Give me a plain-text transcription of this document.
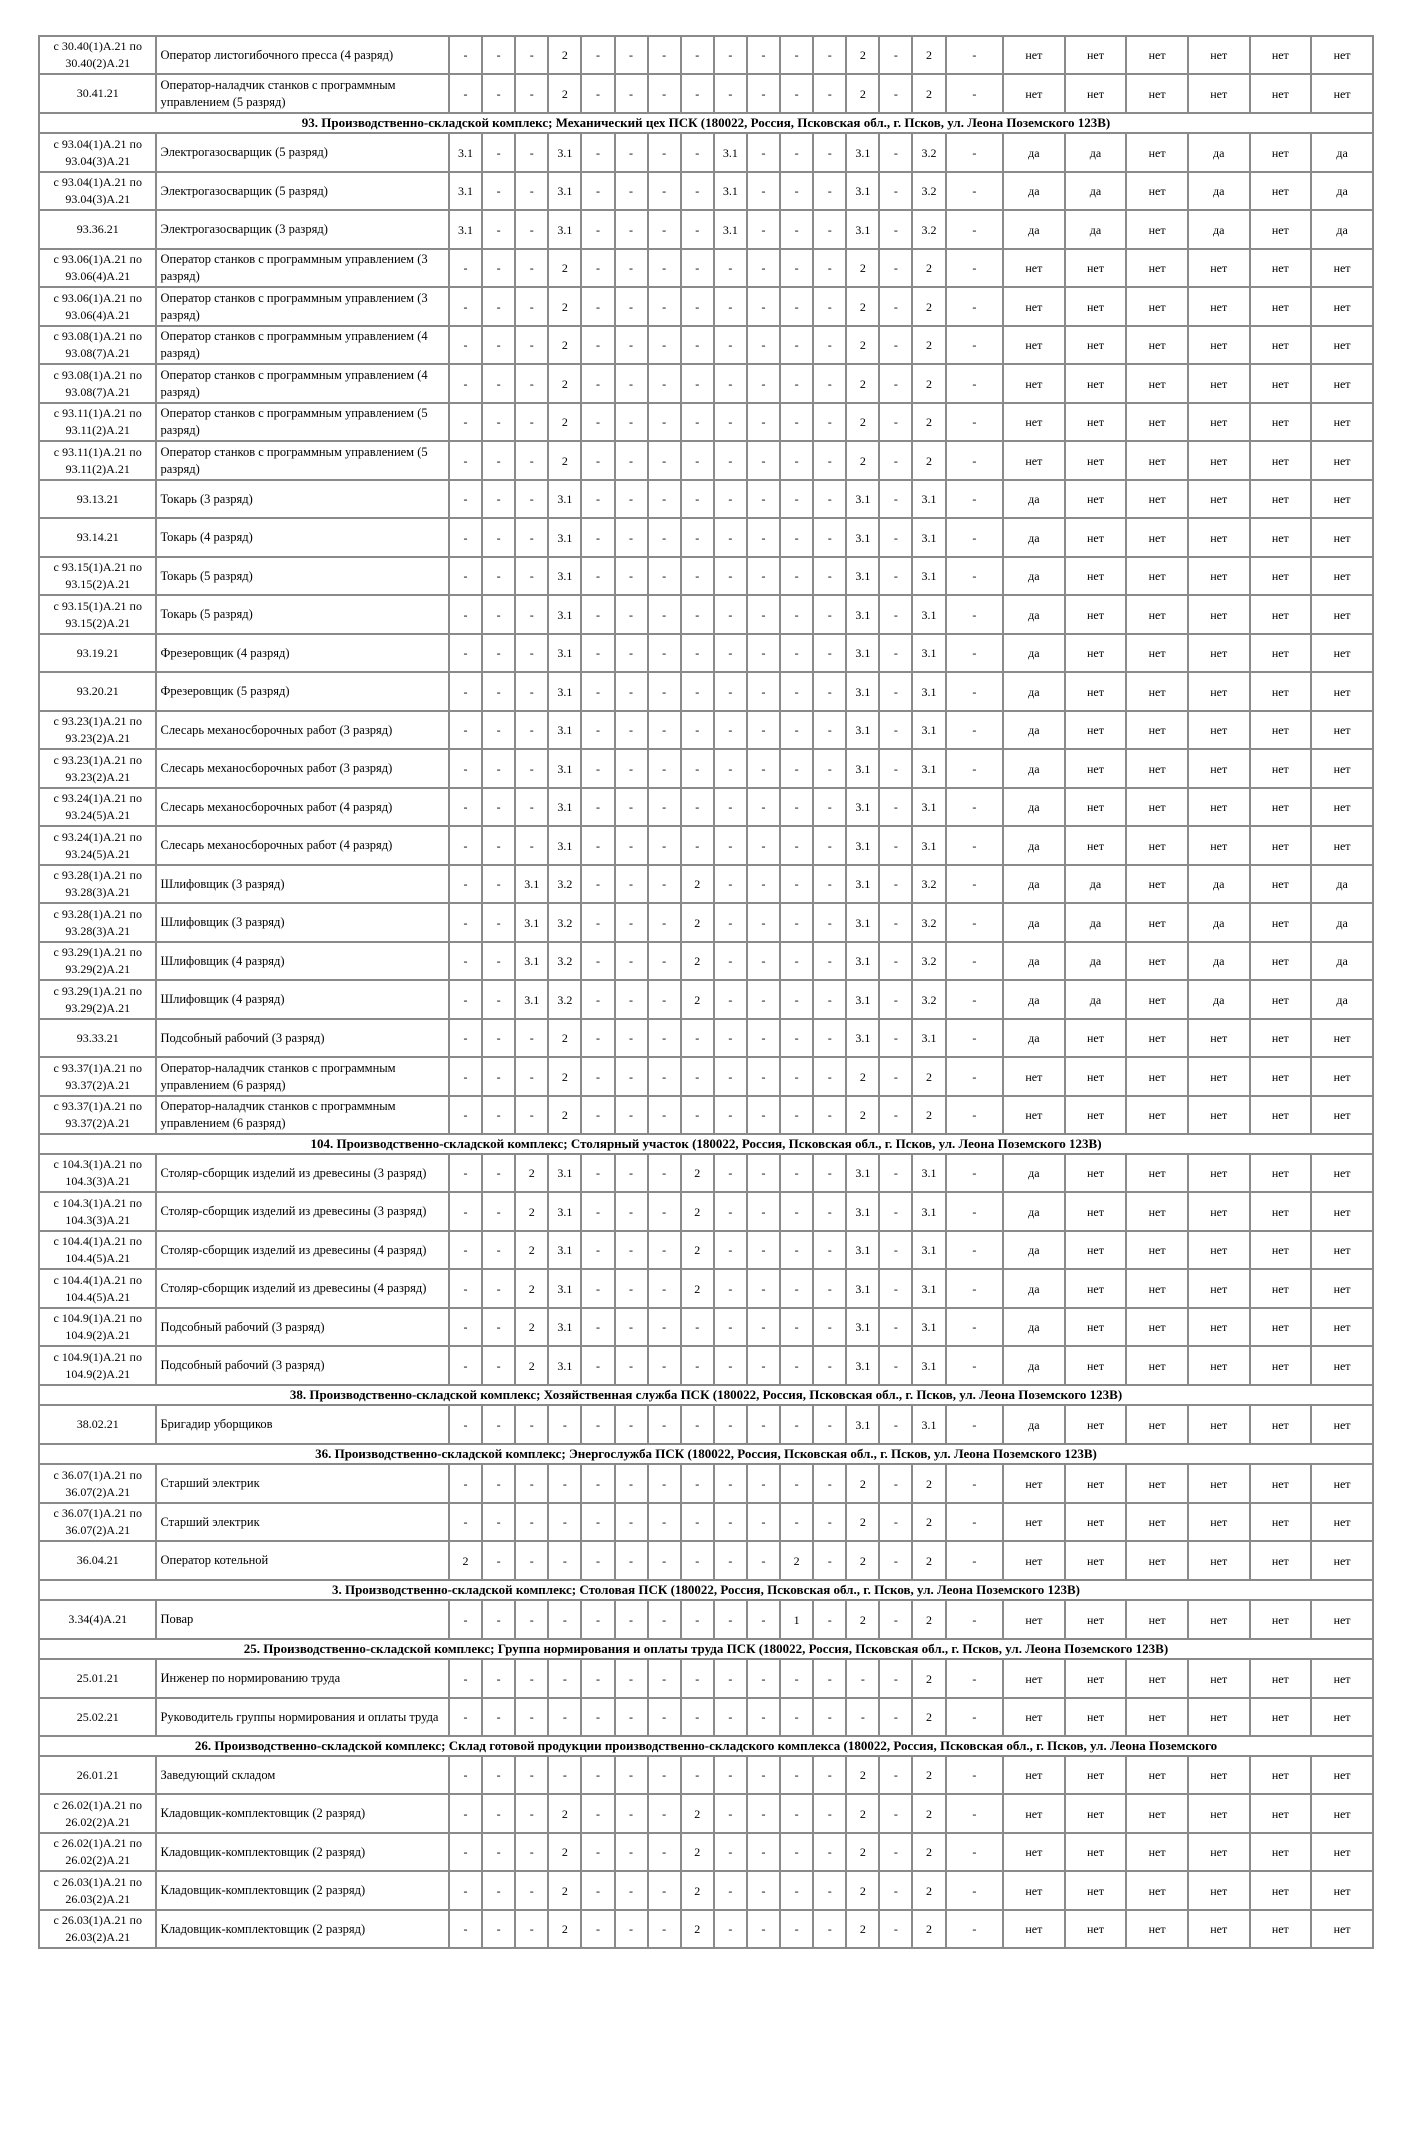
с 30.40(1)А.21 по 30.40(2)А.21	Оператор листогибочного пресса (4 разряд)	-	-	-	2	-	-	-	-	-	-	-	-	2	-	2	-	нет	нет	нет	нет	нет	нет
30.41.21	Оператор-наладчик станков с программным управлением (5 разряд)	-	-	-	2	-	-	-	-	-	-	-	-	2	-	2	-	нет	нет	нет	нет	нет	нет
93. Производственно-складской комплекс; Механический цех ПСК (180022, Россия, Псковская обл., г. Псков, ул. Леона Поземского 123В)																							
с 93.04(1)А.21 по 93.04(3)А.21	Электрогазосварщик (5 разряд)	3.1	-	-	3.1	-	-	-	-	3.1	-	-	-	3.1	-	3.2	-	да	да	нет	да	нет	да
с 93.04(1)А.21 по 93.04(3)А.21	Электрогазосварщик (5 разряд)	3.1	-	-	3.1	-	-	-	-	3.1	-	-	-	3.1	-	3.2	-	да	да	нет	да	нет	да
93.36.21	Электрогазосварщик (3 разряд)	3.1	-	-	3.1	-	-	-	-	3.1	-	-	-	3.1	-	3.2	-	да	да	нет	да	нет	да
с 93.06(1)А.21 по 93.06(4)А.21	Оператор станков с программным управлением (3 разряд)	-	-	-	2	-	-	-	-	-	-	-	-	2	-	2	-	нет	нет	нет	нет	нет	нет
с 93.06(1)А.21 по 93.06(4)А.21	Оператор станков с программным управлением (3 разряд)	-	-	-	2	-	-	-	-	-	-	-	-	2	-	2	-	нет	нет	нет	нет	нет	нет
с 93.08(1)А.21 по 93.08(7)А.21	Оператор станков с программным управлением (4 разряд)	-	-	-	2	-	-	-	-	-	-	-	-	2	-	2	-	нет	нет	нет	нет	нет	нет
с 93.08(1)А.21 по 93.08(7)А.21	Оператор станков с программным управлением (4 разряд)	-	-	-	2	-	-	-	-	-	-	-	-	2	-	2	-	нет	нет	нет	нет	нет	нет
с 93.11(1)А.21 по 93.11(2)А.21	Оператор станков с программным управлением (5 разряд)	-	-	-	2	-	-	-	-	-	-	-	-	2	-	2	-	нет	нет	нет	нет	нет	нет
с 93.11(1)А.21 по 93.11(2)А.21	Оператор станков с программным управлением (5 разряд)	-	-	-	2	-	-	-	-	-	-	-	-	2	-	2	-	нет	нет	нет	нет	нет	нет
93.13.21	Токарь (3 разряд)	-	-	-	3.1	-	-	-	-	-	-	-	-	3.1	-	3.1	-	да	нет	нет	нет	нет	нет
93.14.21	Токарь (4 разряд)	-	-	-	3.1	-	-	-	-	-	-	-	-	3.1	-	3.1	-	да	нет	нет	нет	нет	нет
с 93.15(1)А.21 по 93.15(2)А.21	Токарь (5 разряд)	-	-	-	3.1	-	-	-	-	-	-	-	-	3.1	-	3.1	-	да	нет	нет	нет	нет	нет
с 93.15(1)А.21 по 93.15(2)А.21	Токарь (5 разряд)	-	-	-	3.1	-	-	-	-	-	-	-	-	3.1	-	3.1	-	да	нет	нет	нет	нет	нет
93.19.21	Фрезеровщик (4 разряд)	-	-	-	3.1	-	-	-	-	-	-	-	-	3.1	-	3.1	-	да	нет	нет	нет	нет	нет
93.20.21	Фрезеровщик (5 разряд)	-	-	-	3.1	-	-	-	-	-	-	-	-	3.1	-	3.1	-	да	нет	нет	нет	нет	нет
с 93.23(1)А.21 по 93.23(2)А.21	Слесарь механосборочных работ (3 разряд)	-	-	-	3.1	-	-	-	-	-	-	-	-	3.1	-	3.1	-	да	нет	нет	нет	нет	нет
с 93.23(1)А.21 по 93.23(2)А.21	Слесарь механосборочных работ (3 разряд)	-	-	-	3.1	-	-	-	-	-	-	-	-	3.1	-	3.1	-	да	нет	нет	нет	нет	нет
с 93.24(1)А.21 по 93.24(5)А.21	Слесарь механосборочных работ (4 разряд)	-	-	-	3.1	-	-	-	-	-	-	-	-	3.1	-	3.1	-	да	нет	нет	нет	нет	нет
с 93.24(1)А.21 по 93.24(5)А.21	Слесарь механосборочных работ (4 разряд)	-	-	-	3.1	-	-	-	-	-	-	-	-	3.1	-	3.1	-	да	нет	нет	нет	нет	нет
с 93.28(1)А.21 по 93.28(3)А.21	Шлифовщик (3 разряд)	-	-	3.1	3.2	-	-	-	2	-	-	-	-	3.1	-	3.2	-	да	да	нет	да	нет	да
с 93.28(1)А.21 по 93.28(3)А.21	Шлифовщик (3 разряд)	-	-	3.1	3.2	-	-	-	2	-	-	-	-	3.1	-	3.2	-	да	да	нет	да	нет	да
с 93.29(1)А.21 по 93.29(2)А.21	Шлифовщик (4 разряд)	-	-	3.1	3.2	-	-	-	2	-	-	-	-	3.1	-	3.2	-	да	да	нет	да	нет	да
с 93.29(1)А.21 по 93.29(2)А.21	Шлифовщик (4 разряд)	-	-	3.1	3.2	-	-	-	2	-	-	-	-	3.1	-	3.2	-	да	да	нет	да	нет	да
93.33.21	Подсобный рабочий (3 разряд)	-	-	-	2	-	-	-	-	-	-	-	-	3.1	-	3.1	-	да	нет	нет	нет	нет	нет
с 93.37(1)А.21 по 93.37(2)А.21	Оператор-наладчик станков с программным управлением (6 разряд)	-	-	-	2	-	-	-	-	-	-	-	-	2	-	2	-	нет	нет	нет	нет	нет	нет
с 93.37(1)А.21 по 93.37(2)А.21	Оператор-наладчик станков с программным управлением (6 разряд)	-	-	-	2	-	-	-	-	-	-	-	-	2	-	2	-	нет	нет	нет	нет	нет	нет
104. Производственно-складской комплекс; Столярный участок (180022, Россия, Псковская обл., г. Псков, ул. Леона Поземского 123В)																							
с 104.3(1)А.21 по 104.3(3)А.21	Столяр-сборщик изделий из древесины (3 разряд)	-	-	2	3.1	-	-	-	2	-	-	-	-	3.1	-	3.1	-	да	нет	нет	нет	нет	нет
с 104.3(1)А.21 по 104.3(3)А.21	Столяр-сборщик изделий из древесины (3 разряд)	-	-	2	3.1	-	-	-	2	-	-	-	-	3.1	-	3.1	-	да	нет	нет	нет	нет	нет
с 104.4(1)А.21 по 104.4(5)А.21	Столяр-сборщик изделий из древесины (4 разряд)	-	-	2	3.1	-	-	-	2	-	-	-	-	3.1	-	3.1	-	да	нет	нет	нет	нет	нет
с 104.4(1)А.21 по 104.4(5)А.21	Столяр-сборщик изделий из древесины (4 разряд)	-	-	2	3.1	-	-	-	2	-	-	-	-	3.1	-	3.1	-	да	нет	нет	нет	нет	нет
с 104.9(1)А.21 по 104.9(2)А.21	Подсобный рабочий (3 разряд)	-	-	2	3.1	-	-	-	-	-	-	-	-	3.1	-	3.1	-	да	нет	нет	нет	нет	нет
с 104.9(1)А.21 по 104.9(2)А.21	Подсобный рабочий (3 разряд)	-	-	2	3.1	-	-	-	-	-	-	-	-	3.1	-	3.1	-	да	нет	нет	нет	нет	нет
38. Производственно-складской комплекс; Хозяйственная служба ПСК (180022, Россия, Псковская обл., г. Псков, ул. Леона Поземского 123В)																							
38.02.21	Бригадир уборщиков	-	-	-	-	-	-	-	-	-	-	-	-	3.1	-	3.1	-	да	нет	нет	нет	нет	нет
36. Производственно-складской комплекс; Энергослужба ПСК (180022, Россия, Псковская обл., г. Псков, ул. Леона Поземского 123В)																							
с 36.07(1)А.21 по 36.07(2)А.21	Старший электрик	-	-	-	-	-	-	-	-	-	-	-	-	2	-	2	-	нет	нет	нет	нет	нет	нет
с 36.07(1)А.21 по 36.07(2)А.21	Старший электрик	-	-	-	-	-	-	-	-	-	-	-	-	2	-	2	-	нет	нет	нет	нет	нет	нет
36.04.21	Оператор котельной	2	-	-	-	-	-	-	-	-	-	2	-	2	-	2	-	нет	нет	нет	нет	нет	нет
3. Производственно-складской комплекс; Столовая ПСК (180022, Россия, Псковская обл., г. Псков, ул. Леона Поземского 123В)																							
3.34(4)А.21	Повар	-	-	-	-	-	-	-	-	-	-	1	-	2	-	2	-	нет	нет	нет	нет	нет	нет
25. Производственно-складской комплекс; Группа нормирования и оплаты труда ПСК (180022, Россия, Псковская обл., г. Псков, ул. Леона Поземского 123В)																							
25.01.21	Инженер по нормированию труда	-	-	-	-	-	-	-	-	-	-	-	-	-	-	2	-	нет	нет	нет	нет	нет	нет
25.02.21	Руководитель группы нормирования и оплаты труда	-	-	-	-	-	-	-	-	-	-	-	-	-	-	2	-	нет	нет	нет	нет	нет	нет
26. Производственно-складской комплекс; Склад готовой продукции производственно-складского комплекса (180022, Россия, Псковская обл., г. Псков, ул. Леона Поземского																							
26.01.21	Заведующий складом	-	-	-	-	-	-	-	-	-	-	-	-	2	-	2	-	нет	нет	нет	нет	нет	нет
с 26.02(1)А.21 по 26.02(2)А.21	Кладовщик-комплектовщик (2 разряд)	-	-	-	2	-	-	-	2	-	-	-	-	2	-	2	-	нет	нет	нет	нет	нет	нет
с 26.02(1)А.21 по 26.02(2)А.21	Кладовщик-комплектовщик (2 разряд)	-	-	-	2	-	-	-	2	-	-	-	-	2	-	2	-	нет	нет	нет	нет	нет	нет
с 26.03(1)А.21 по 26.03(2)А.21	Кладовщик-комплектовщик (2 разряд)	-	-	-	2	-	-	-	2	-	-	-	-	2	-	2	-	нет	нет	нет	нет	нет	нет
с 26.03(1)А.21 по 26.03(2)А.21	Кладовщик-комплектовщик (2 разряд)	-	-	-	2	-	-	-	2	-	-	-	-	2	-	2	-	нет	нет	нет	нет	нет	нет
